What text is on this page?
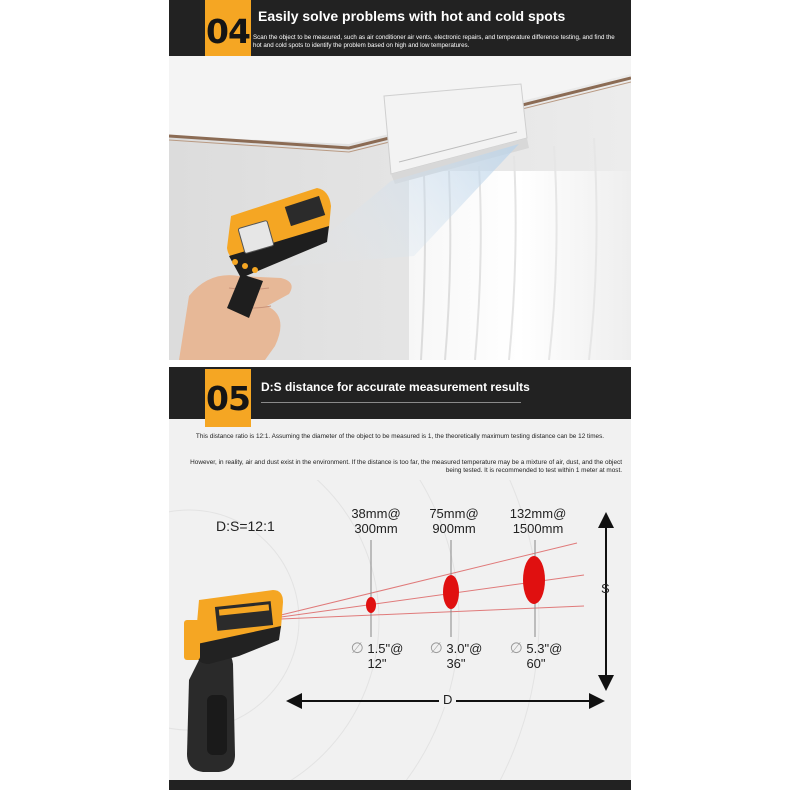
Easily solve problems with hot and cold spots
Scan the object to be measured, such as air conditioner air vents, electronic repairs, and temperature difference testing, and find the hot and cold spots to identify the problem based on high and low temperatures.
04
D:S distance for accurate measurement results
05
This distance ratio is 12:1. Assuming the diameter of the object to be measured is 1, the theoretically maximum testing distance can be 12 times.
However, in reality, air and dust exist in the environment. If the distance is too far, the measured temperature may be a mixture of air, dust, and the object being tested. It is recommended to test within 1 meter at most.
D:S=12:1
38mm@
300mm
75mm@
900mm
132mm@
1500mm
∅ 1.5"@
12"
∅ 3.0"@
36"
∅ 5.3"@
60"
S
D
